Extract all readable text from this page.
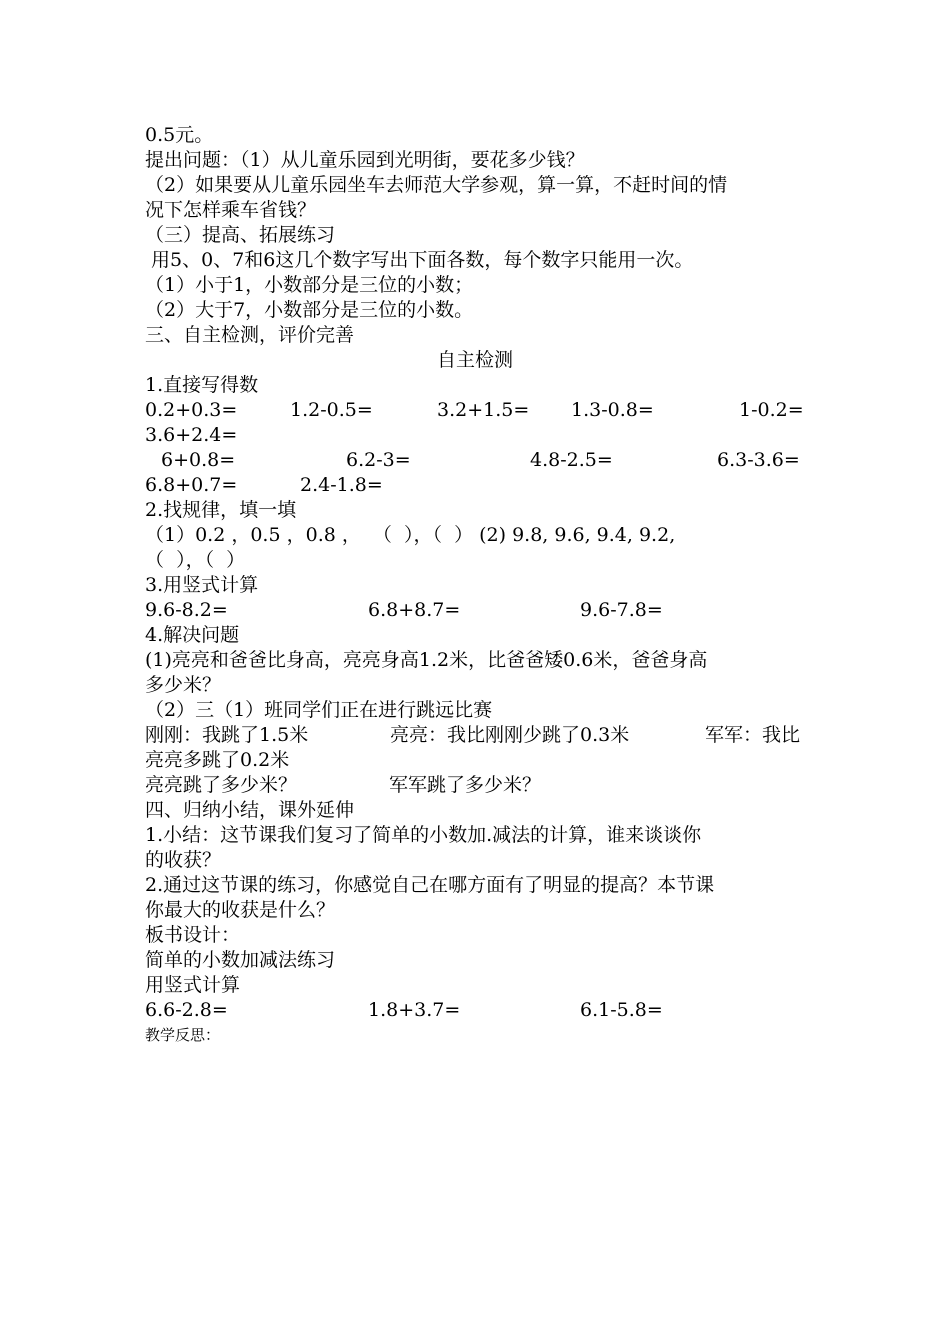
0.5元。
提出问题：（1）从儿童乐园到光明街，要花多少钱？
（2）如果要从儿童乐园坐车去师范大学参观，算一算，不赶时间的情
况下怎样乘车省钱？
（三）提高、拓展练习
用5、0、7和6这几个数字写出下面各数，每个数字只能用一次。
（1）小于1，小数部分是三位的小数；
（2）大于7，小数部分是三位的小数。
三、自主检测，评价完善
自主检测
1.直接写得数
0.2+0.3=	1.2-0.5=	3.2+1.5= 1.3-0.8=	1-0.2=
3.6+2.4=
6+0.8=	6.2-3=	4.8-2.5=	6.3-3.6=
6.8+0.7=	2.4-1.8=
2.找规律，填一填
（1）0.2 ，0.5 ，0.8 ，  （  ），（  ） (2) 9.8, 9.6, 9.4, 9.2,
（  ），（  ）
3.用竖式计算
9.6-8.2=	6.8+8.7=	9.6-7.8=
4.解决问题
(1)亮亮和爸爸比身高，亮亮身高1.2米，比爸爸矮0.6米，爸爸身高
多少米？
（2）三（1）班同学们正在进行跳远比赛
刚刚：我跳了1.5米	亮亮：我比刚刚少跳了0.3米	军军：我比
亮亮多跳了0.2米
亮亮跳了多少米？	军军跳了多少米？
四、归纳小结，课外延伸
1.小结：这节课我们复习了简单的小数加.减法的计算，谁来谈谈你
的收获？
2.通过这节课的练习，你感觉自己在哪方面有了明显的提高？本节课
你最大的收获是什么？
板书设计：
简单的小数加减法练习
用竖式计算
6.6-2.8=	1.8+3.7=	6.1-5.8=
教学反思：
